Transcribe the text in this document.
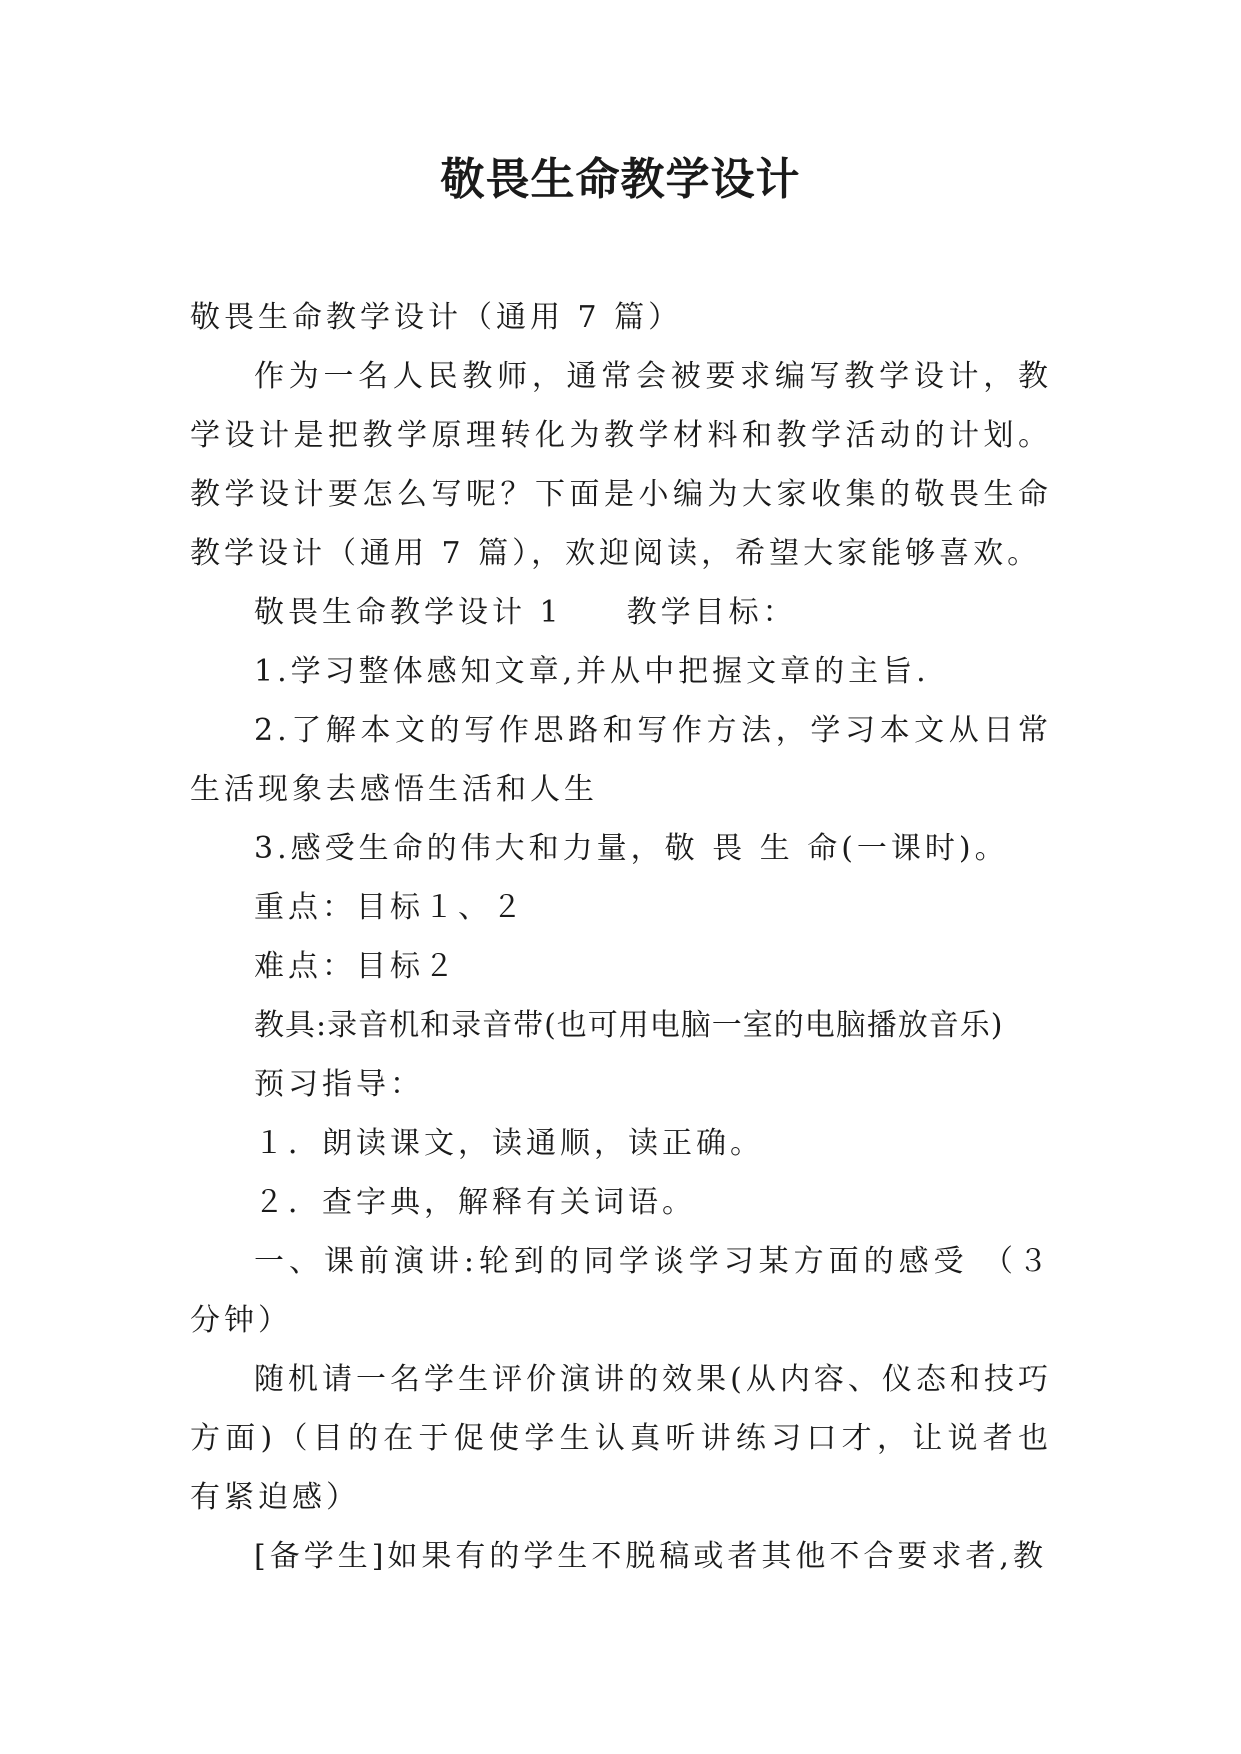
敬畏生命教学设计

敬畏生命教学设计（通用 7 篇）

作为一名人民教师，通常会被要求编写教学设计，教学设计是把教学原理转化为教学材料和教学活动的计划。教学设计要怎么写呢？下面是小编为大家收集的敬畏生命教学设计（通用 7 篇），欢迎阅读，希望大家能够喜欢。

敬畏生命教学设计 1 教学目标：

1.学习整体感知文章,并从中把握文章的主旨.

2.了解本文的写作思路和写作方法，学习本文从日常生活现象去感悟生活和人生

3.感受生命的伟大和力量，敬 畏 生 命(一课时)。

重点：目标１、２

难点：目标２

教具:录音机和录音带(也可用电脑一室的电脑播放音乐)

预习指导：

１．朗读课文，读通顺，读正确。

２．查字典，解释有关词语。

一、课前演讲:轮到的同学谈学习某方面的感受 （３分钟）

随机请一名学生评价演讲的效果(从内容、仪态和技巧方面)（目的在于促使学生认真听讲练习口才，让说者也有紧迫感）

[备学生]如果有的学生不脱稿或者其他不合要求者,教
